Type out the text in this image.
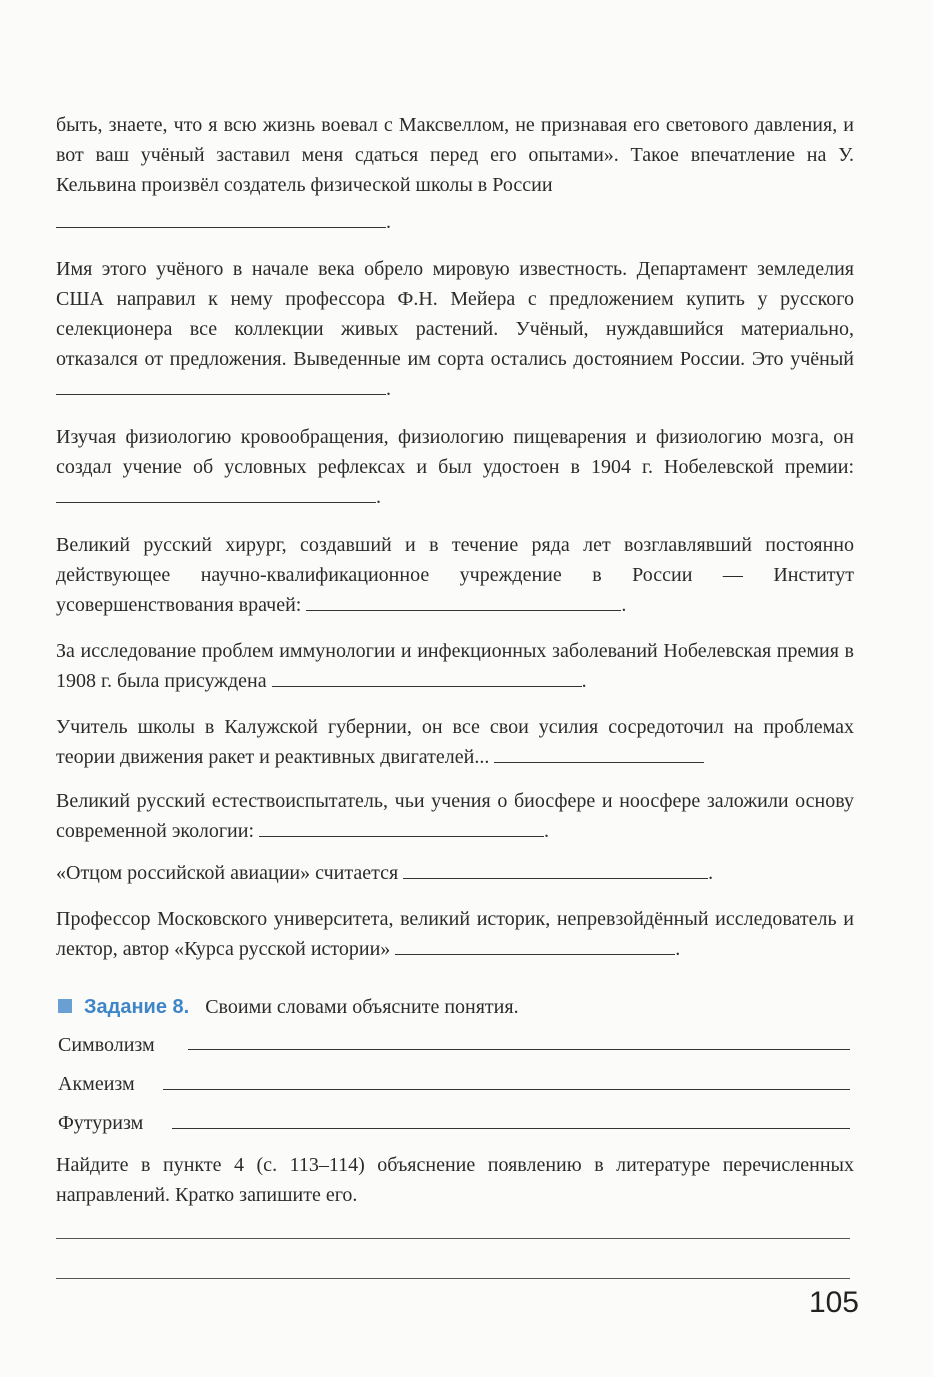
быть, знаете, что я всю жизнь воевал с Максвеллом, не признавая его светового давления, и вот ваш учёный заставил меня сдаться перед его опытами». Такое впечатление на У. Кельвина произвёл создатель физической школы в России

.

Имя этого учёного в начале века обрело мировую известность. Департамент земледелия США направил к нему профессора Ф.Н. Мейера с предложением купить у русского селекционера все коллекции живых растений. Учёный, нуждавшийся материально, отказался от предложения. Выведенные им сорта остались достоянием России. Это учёный .

Изучая физиологию кровообращения, физиологию пищеварения и физиологию мозга, он создал учение об условных рефлексах и был удостоен в 1904 г. Нобелевской премии: .

Великий русский хирург, создавший и в течение ряда лет возглавлявший постоянно действующее научно-квалификационное учреждение в России — Институт усовершенствования врачей:	.

За исследование проблем иммунологии и инфекционных заболеваний Нобелевская премия в 1908 г. была присуждена	.

Учитель школы в Калужской губернии, он все свои усилия сосредоточил на проблемах теории движения ракет и реактивных двигателей...

Великий русский естествоиспытатель, чьи учения о биосфере и ноосфере заложили основу современной экологии:	.

«Отцом российской авиации» считается	.

Профессор Московского университета, великий историк, непревзойдённый исследователь и лектор, автор «Курса русской истории»	.

Задание 8. Своими словами объясните понятия.
Символизм
Акмеизм
Футуризм

Найдите в пункте 4 (с. 113–114) объяснение появлению в литературе перечисленных направлений. Кратко запишите его.

105
